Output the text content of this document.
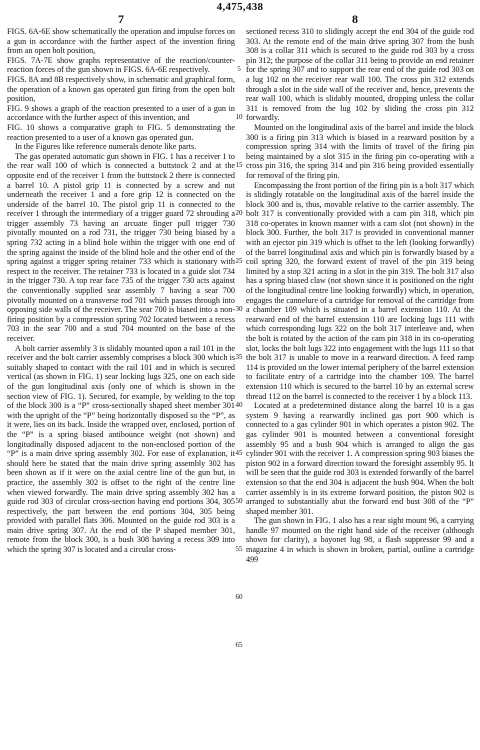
4,475,438
7	8

FIGS. 6A-6E show schematically the operation and impulse forces on a gun in accordance with the further aspect of the invention firing from an open bolt position,

FIGS. 7A-7E show graphs representative of the reaction/counter-reaction forces of the gun shown in FIGS. 6A-6E respectively.

FIGS. 8A and 8B respectively show, in schematic and graphical form, the operation of a known gas operated gun firing from the open bolt position,

FIG. 9 shows a graph of the reaction presented to a user of a gun in accordance with the further aspect of this invention, and

FIG. 10 shows a comparative graph to FIG. 5 demonstrating the reaction presented to a user of a known gas operated gun.

In the Figures like reference numerals denote like parts.

The gas operated automatic gun shown in FIG. 1 has a receiver 1 to the rear wall 100 of which is connected a buttstock 2 and at the opposite end of the receiver 1 from the buttstock 2 there is connected a barrel 10. A pistol grip 11 is connected by a screw and nut underneath the receiver 1 and a fore grip 12 is connected on the underside of the barrel 10. The pistol grip 11 is connected to the receiver 1 through the intermediary of a trigger guard 72 shrouding a trigger assembly 73 having an arcuate finger pull trigger 730 pivotally mounted on a rod 731, the trigger 730 being biased by a spring 732 acting in a blind hole within the trigger with one end of the spring against the inside of the blind hole and the other end of the spring against a trigger spring retainer 733 which is stationary with respect to the receiver. The retainer 733 is located in a guide slot 734 in the trigger 730. A top rear face 735 of the trigger 730 acts against the conventionally supplied sear assembly 7 having a sear 700 pivotally mounted on a transverse rod 701 which passes through into opposing side walls of the receiver. The sear 700 is biased into a non-firing position by a compression spring 702 located between a recess 703 in the sear 700 and a stud 704 mounted on the base of the receiver.

A bolt carrier assembly 3 is slidably mounted upon a rail 101 in the receiver and the bolt carrier assembly comprises a block 300 which is suitably shaped to contact with the rail 101 and in which is secured vertical (as shown in FIG. 1) sear locking lugs 325, one on each side of the gun longitudinal axis (only one of which is shown in the section view of FIG. 1). Secured, for example, by welding to the top of the block 300 is a “P” cross-sectionally shaped sheet member 301 with the upright of the “P” being horizontally disposed so the “P”, as it were, lies on its back. Inside the wrapped over, enclosed, portion of the “P” is a spring biased antibounce weight (not shown) and longitudinally disposed adjacent to the non-enclosed portion of the “P” is a main drive spring assembly 302. For ease of explanation, it should here be stated that the main drive spring assembly 302 has been shown as if it were on the axial centre line of the gun but, in practice, the assembly 302 is offset to the right of the centre line when viewed forwardly. The main drive spring assembly 302 has a guide rod 303 of circular cross-section having end portions 304, 305 respectively, the part between the end portions 304, 305 being provided with parallel flats 306. Mounted on the guide rod 303 is a main drive spring 307. At the end of the P shaped member 301, remote from the block 300, is a bush 308 having a recess 309 into which the spring 307 is located and a circular cross-

5
10
15
20
25
30
35
40
45
50
55
60
65

sectioned recess 310 to slidingly accept the end 304 of the guide rod 303. At the remote end of the main drive spring 307 from the bush 308 is a collar 311 which is secured to the guide rod 303 by a cross pin 312; the purpose of the collar 311 being to provide an end retainer for the spring 307 and to support the rear end of the guide rod 303 on a lug 102 on the receiver rear wall 100. The cross pin 312 extends through a slot in the side wall of the receiver and, hence, prevents the rear wall 100, which is slidably mounted, dropping unless the collar 311 is removed from the lug 102 by sliding the cross pin 312 forwardly.

Mounted on the longitudinal axis of the barrel and inside the block 300 is a firing pin 313 which is biased in a rearward position by a compression spring 314 with the limits of travel of the firing pin being maintained by a slot 315 in the firing pin co-operating with a cross pin 316, the spring 314 and pin 316 being provided essentially for removal of the firing pin.

Encompassing the front portion of the firing pin is a bolt 317 which is slidingly rotatable on the longitudinal axis of the barrel inside the block 300 and is, thus, movable relative to the carrier assembly. The bolt 317 is conventionally provided with a cam pin 318, which pin 318 co-operates in known manner with a cam slot (not shown) in the block 300. Further, the bolt 317 is provided in conventional manner with an ejector pin 319 which is offset to the left (looking forwardly) of the barrel longitudinal axis and which pin is forwardly biased by a coil spring 320, the forward extent of travel of the pin 319 being limited by a stop 321 acting in a slot in the pin 319. The bolt 317 also has a spring biased claw (not shown since it is positioned on the right of the longitudinal centre line looking forwardly) which, in operation, engages the cannelure of a cartridge for removal of the cartridge from a chamber 109 which is situated in a barrel extension 110. At the rearward end of the barrel extension 110 are locking lugs 111 with which corresponding lugs 322 on the bolt 317 interleave and, when the bolt is rotated by the action of the cam pin 318 in its co-operating slot, locks the bolt lugs 322 into engagement with the lugs 111 so that the bolt 317 is unable to move in a rearward direction. A feed ramp 114 is provided on the lower internal periphery of the barrel extension to facilitate entry of a cartridge into the chamber 109. The barrel extension 110 which is secured to the barrel 10 by an external screw thread 112 on the barrel is connected to the receiver 1 by a block 113.

Located at a predetermined distance along the barrel 10 is a gas system 9 having a rearwardly inclined gas port 900 which is connected to a gas cylinder 901 in which operates a piston 902. The gas cylinder 901 is mounted between a conventional foresight assembly 95 and a bush 904 which is arranged to align the gas cylinder 901 with the receiver 1. A compression spring 903 biases the piston 902 in a forward direction toward the foresight assembly 95. It will be seen that the guide rod 303 is extended forwardly of the barrel extension so that the end 304 is adjacent the bush 904. When the bolt carrier assembly is in its extreme forward position, the piston 902 is arranged to substantially abut the forward end bust 308 of the “P” shaped member 301.

The gun shown in FIG. 1 also has a rear sight mount 96, a carrying handle 97 mounted on the right hand side of the receiver (although shown for clarity), a bayonet lug 98, a flash suppressor 99 and a magazine 4 in which is shown in broken, partial, outline a cartridge 499
